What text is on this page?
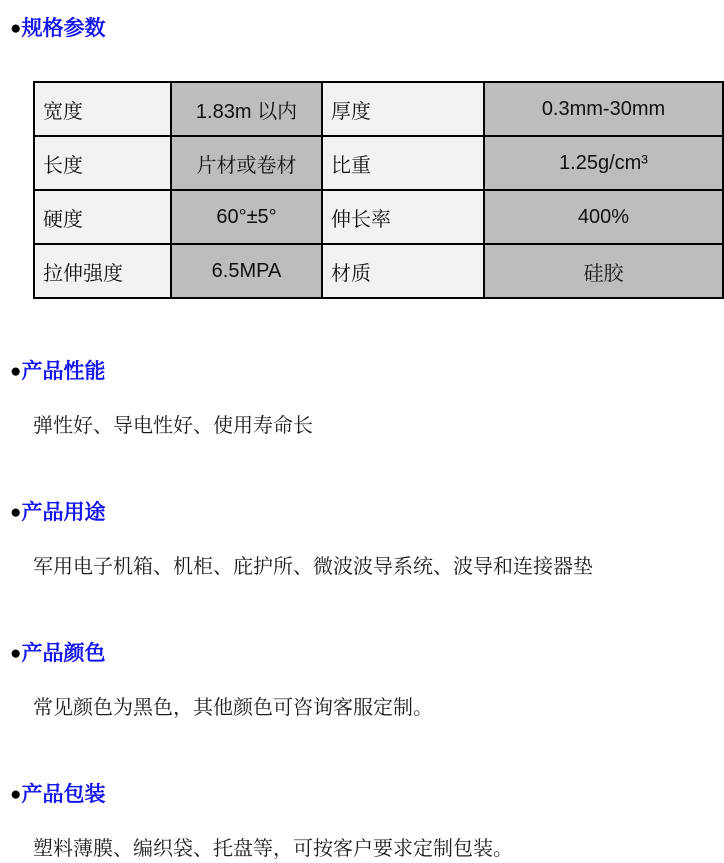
●规格参数
宽度	1.83m 以内	厚度	0.3mm-30mm
长度	片材或卷材	比重	1.25g/cm³
硬度	60°±5°	伸长率	400%
拉伸强度	6.5MPA	材质	硅胶
●产品性能

弹性好、导电性好、使用寿命长

●产品用途

军用电子机箱、机柜、庇护所、微波波导系统、波导和连接器垫

●产品颜色

常见颜色为黑色，其他颜色可咨询客服定制。

●产品包装

塑料薄膜、编织袋、托盘等，可按客户要求定制包装。
